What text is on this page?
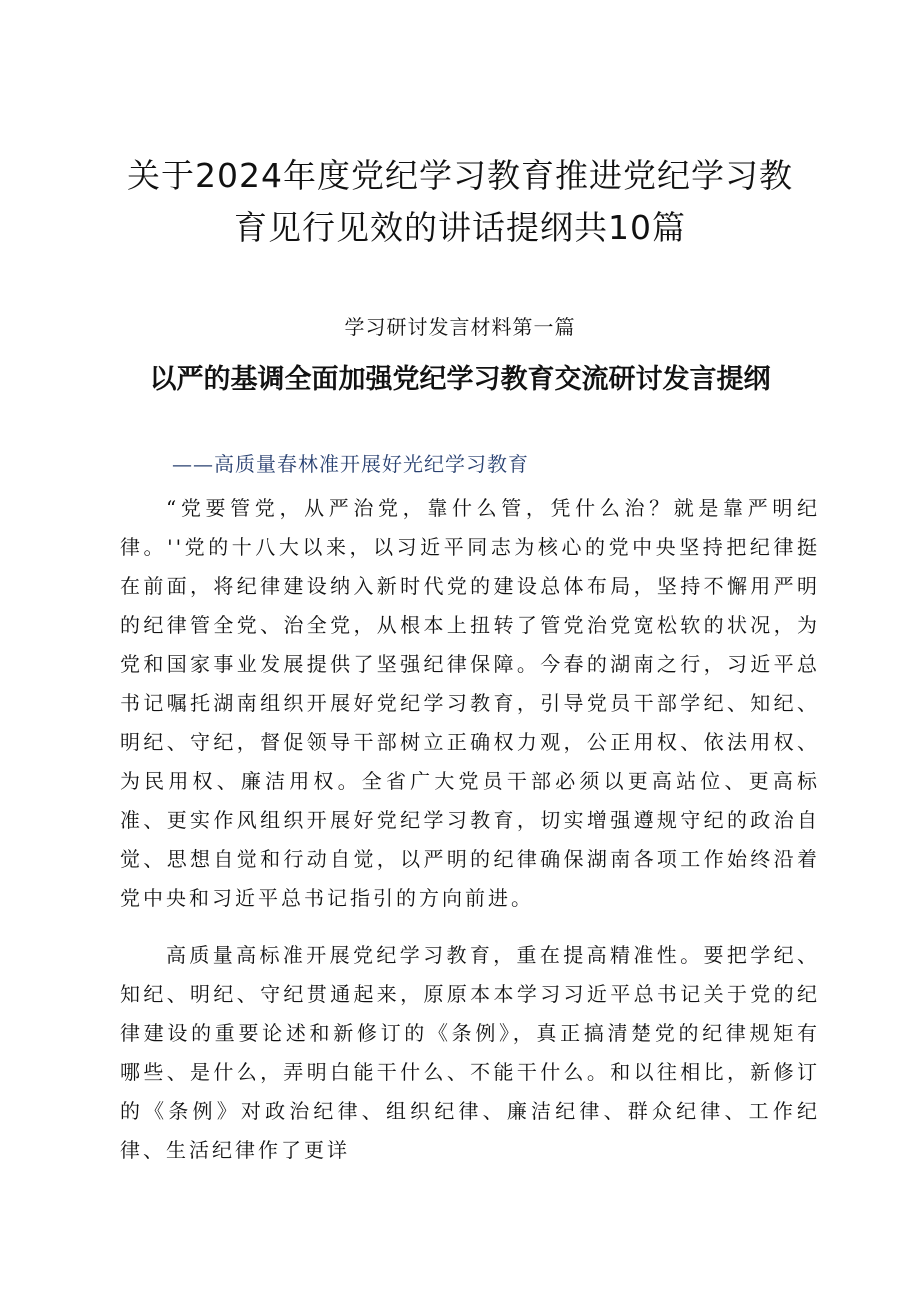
关于2024年度党纪学习教育推进党纪学习教育见行见效的讲话提纲共10篇
学习研讨发言材料第一篇
以严的基调全面加强党纪学习教育交流研讨发言提纲
——高质量春林准开展好光纪学习教育

“党要管党，从严治党，靠什么管，凭什么治？就是靠严明纪律。''党的十八大以来，以习近平同志为核心的党中央坚持把纪律挺在前面，将纪律建设纳入新时代党的建设总体布局，坚持不懈用严明的纪律管全党、治全党，从根本上扭转了管党治党宽松软的状况，为党和国家事业发展提供了坚强纪律保障。今春的湖南之行，习近平总书记嘱托湖南组织开展好党纪学习教育，引导党员干部学纪、知纪、明纪、守纪，督促领导干部树立正确权力观，公正用权、依法用权、为民用权、廉洁用权。全省广大党员干部必须以更高站位、更高标准、更实作风组织开展好党纪学习教育，切实增强遵规守纪的政治自觉、思想自觉和行动自觉，以严明的纪律确保湖南各项工作始终沿着党中央和习近平总书记指引的方向前进。

高质量高标准开展党纪学习教育，重在提高精准性。要把学纪、知纪、明纪、守纪贯通起来，原原本本学习习近平总书记关于党的纪律建设的重要论述和新修订的《条例》，真正搞清楚党的纪律规矩有哪些、是什么，弄明白能干什么、不能干什么。和以往相比，新修订的《条例》对政治纪律、组织纪律、廉洁纪律、群众纪律、工作纪律、生活纪律作了更详
